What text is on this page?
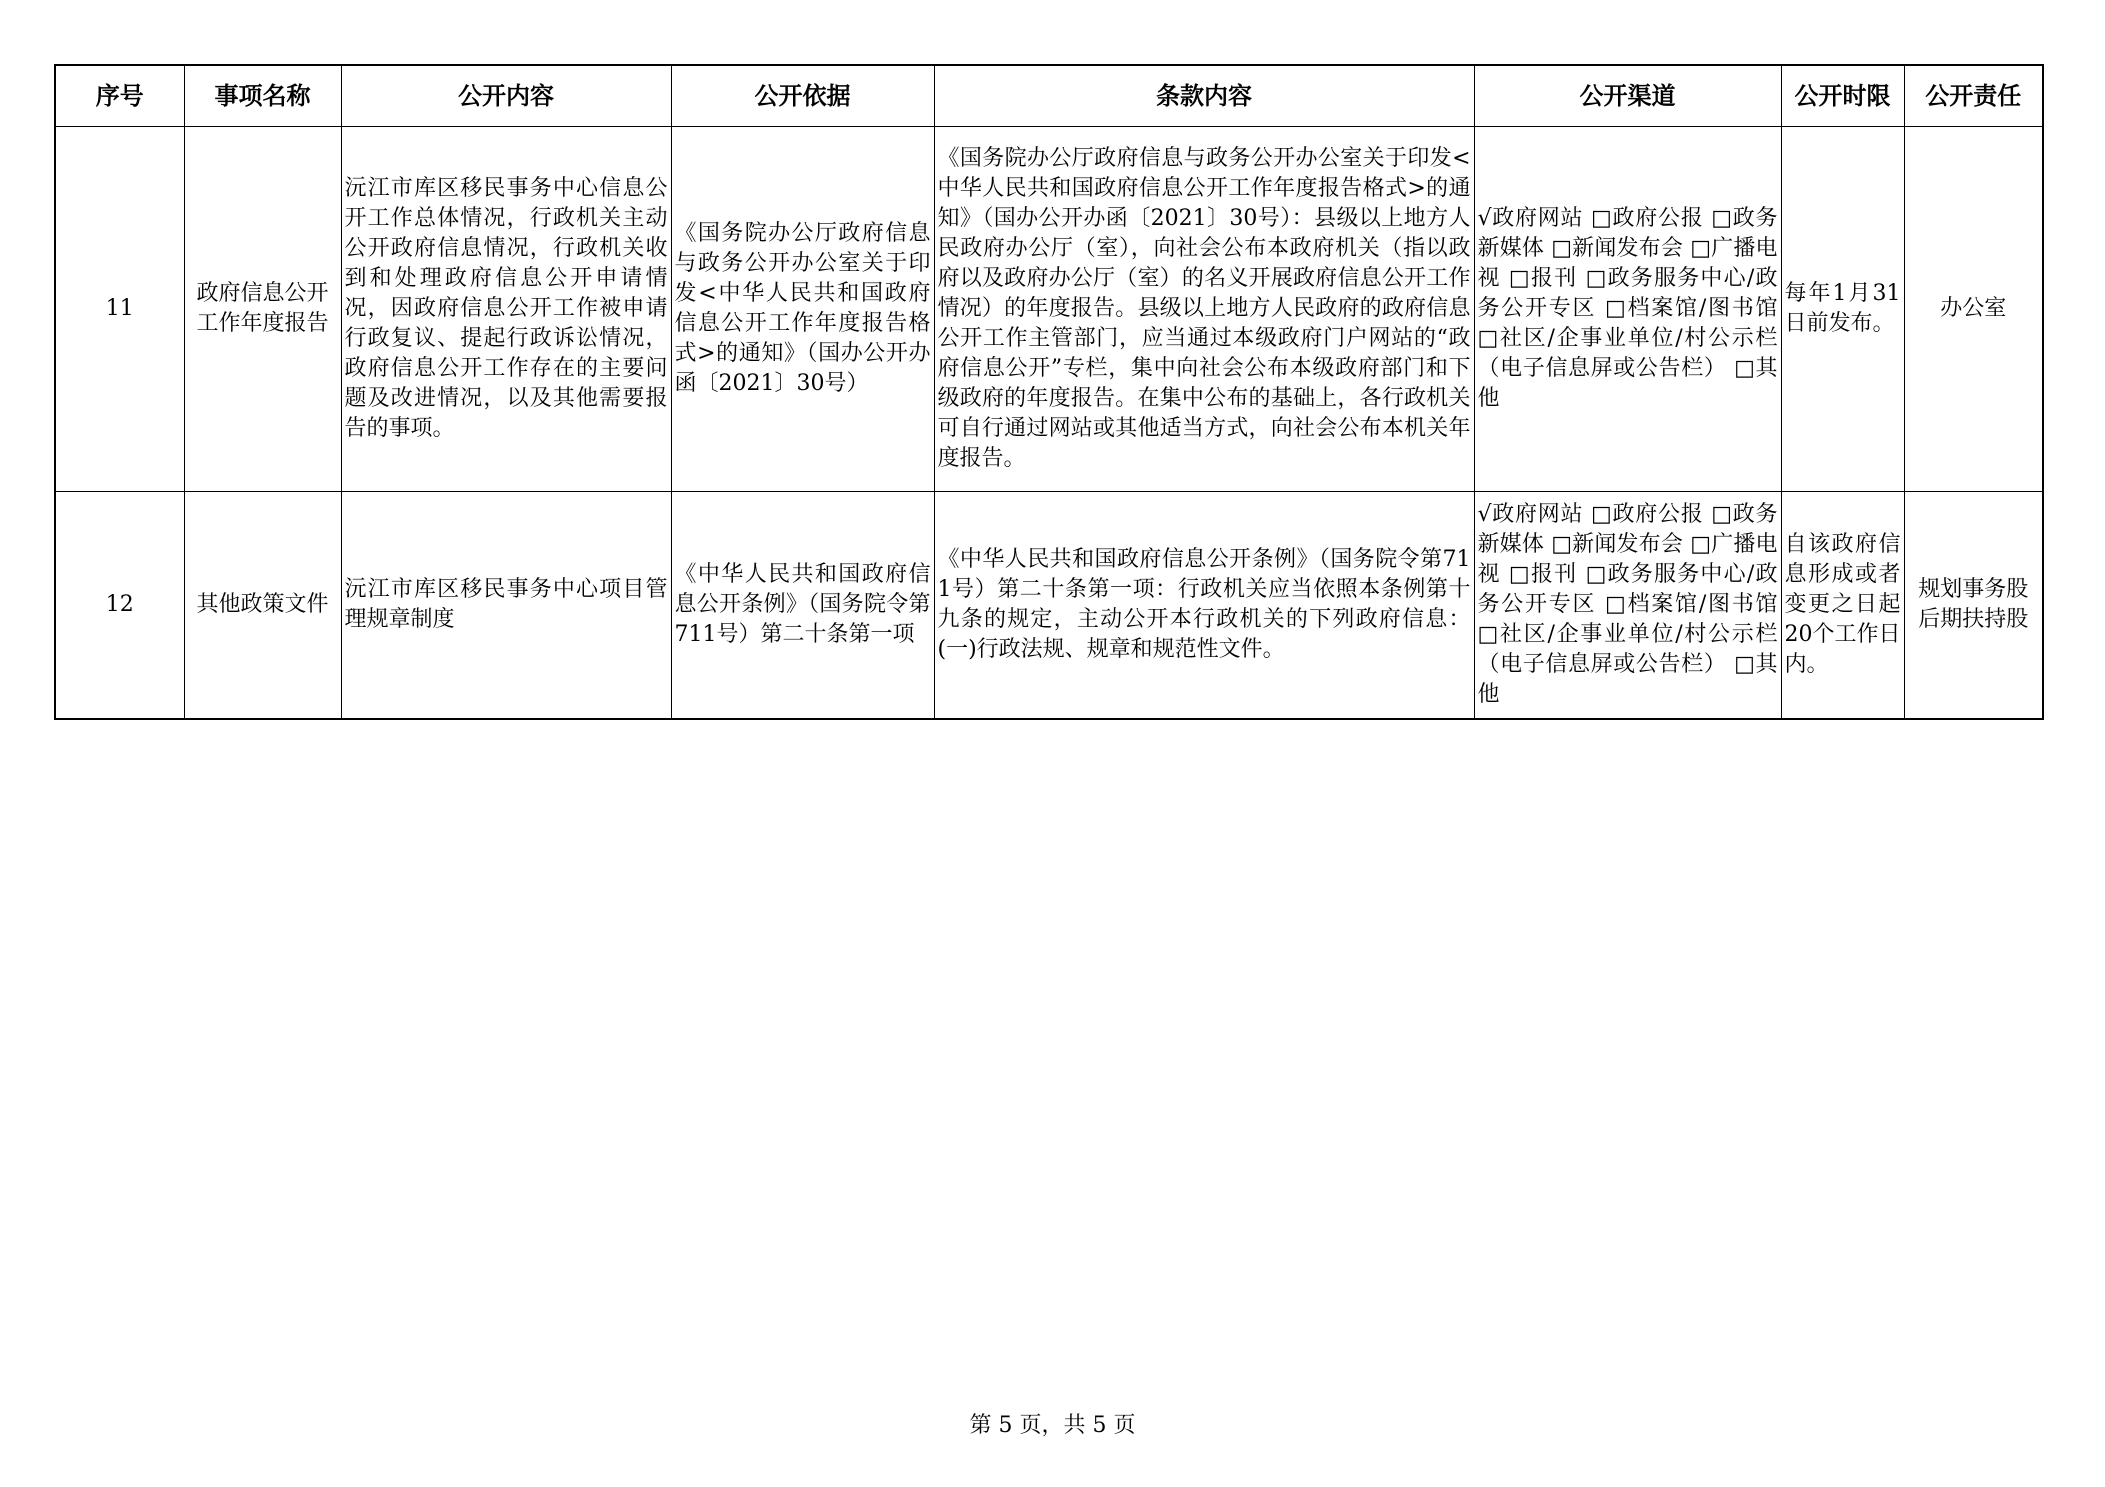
序号	事项名称	公开内容	公开依据	条款内容	公开渠道	公开时限	公开责任
11	政府信息公开工作年度报告	沅江市库区移民事务中心信息公开工作总体情况，行政机关主动公开政府信息情况，行政机关收到和处理政府信息公开申请情况，因政府信息公开工作被申请行政复议、提起行政诉讼情况，政府信息公开工作存在的主要问题及改进情况，以及其他需要报告的事项。	《国务院办公厅政府信息与政务公开办公室关于印发<中华人民共和国政府信息公开工作年度报告格式>的通知》（国办公开办函〔2021〕30号）	《国务院办公厅政府信息与政务公开办公室关于印发<中华人民共和国政府信息公开工作年度报告格式>的通知》（国办公开办函〔2021〕30号）：县级以上地方人民政府办公厅（室），向社会公布本政府机关（指以政府以及政府办公厅（室）的名义开展政府信息公开工作情况）的年度报告。县级以上地方人民政府的政府信息公开工作主管部门，应当通过本级政府门户网站的“政府信息公开”专栏，集中向社会公布本级政府部门和下级政府的年度报告。在集中公布的基础上，各行政机关可自行通过网站或其他适当方式，向社会公布本机关年度报告。	√政府网站 □政府公报 □政务新媒体 □新闻发布会 □广播电视 □报刊 □政务服务中心/政务公开专区 □档案馆/图书馆 □社区/企事业单位/村公示栏（电子信息屏或公告栏） □其他	每年1月31日前发布。	办公室
12	其他政策文件	沅江市库区移民事务中心项目管理规章制度	《中华人民共和国政府信息公开条例》（国务院令第711号）第二十条第一项	《中华人民共和国政府信息公开条例》（国务院令第711号）第二十条第一项：行政机关应当依照本条例第十九条的规定，主动公开本行政机关的下列政府信息：(一)行政法规、规章和规范性文件。	√政府网站 □政府公报 □政务新媒体 □新闻发布会 □广播电视 □报刊 □政务服务中心/政务公开专区 □档案馆/图书馆 □社区/企事业单位/村公示栏（电子信息屏或公告栏） □其他	自该政府信息形成或者变更之日起20个工作日内。	规划事务股后期扶持股
第 5 页，共 5 页
